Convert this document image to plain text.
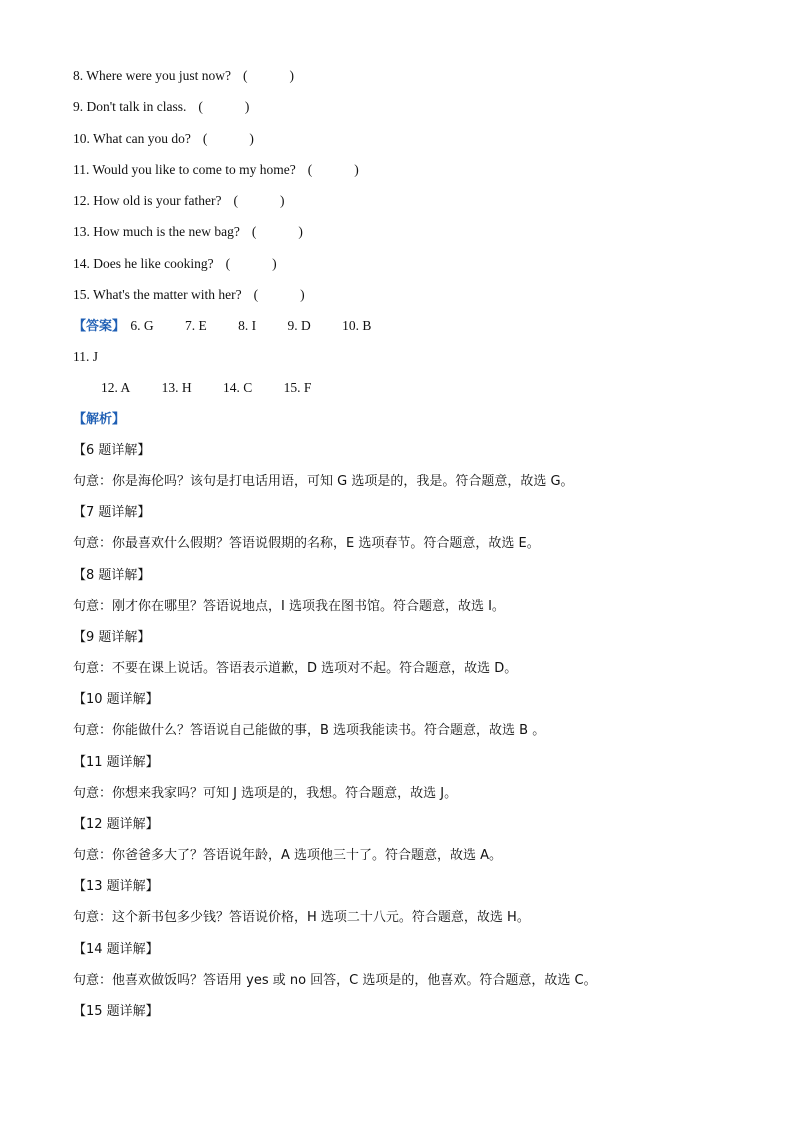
8. Where were you just now? (	)
9. Don't talk in class. (	)
10. What can you do? (	)
11. Would you like to come to my home? (	)
12. How old is your father? (	)
13. How much is the new bag? (	)
14. Does he like cooking? (	)
15. What's the matter with her? (	)
【答案】 6. G 7. E 8. I 9. D 10. B
11. J
12. A 13. H 14. C 15. F
【解析】
【6 题详解】
句意：你是海伦吗？该句是打电话用语，可知 G 选项是的，我是。符合题意，故选 G。
【7 题详解】
句意：你最喜欢什么假期？答语说假期的名称，E 选项春节。符合题意，故选 E。
【8 题详解】
句意：刚才你在哪里？答语说地点，I 选项我在图书馆。符合题意，故选 I。
【9 题详解】
句意：不要在课上说话。答语表示道歉，D 选项对不起。符合题意，故选 D。
【10 题详解】
句意：你能做什么？答语说自己能做的事，B 选项我能读书。符合题意，故选 B 。
【11 题详解】
句意：你想来我家吗？可知 J 选项是的，我想。符合题意，故选 J。
【12 题详解】
句意：你爸爸多大了？答语说年龄，A 选项他三十了。符合题意，故选 A。
【13 题详解】
句意：这个新书包多少钱？答语说价格，H 选项二十八元。符合题意，故选 H。
【14 题详解】
句意：他喜欢做饭吗？答语用 yes 或 no 回答，C 选项是的，他喜欢。符合题意，故选 C。
【15 题详解】
